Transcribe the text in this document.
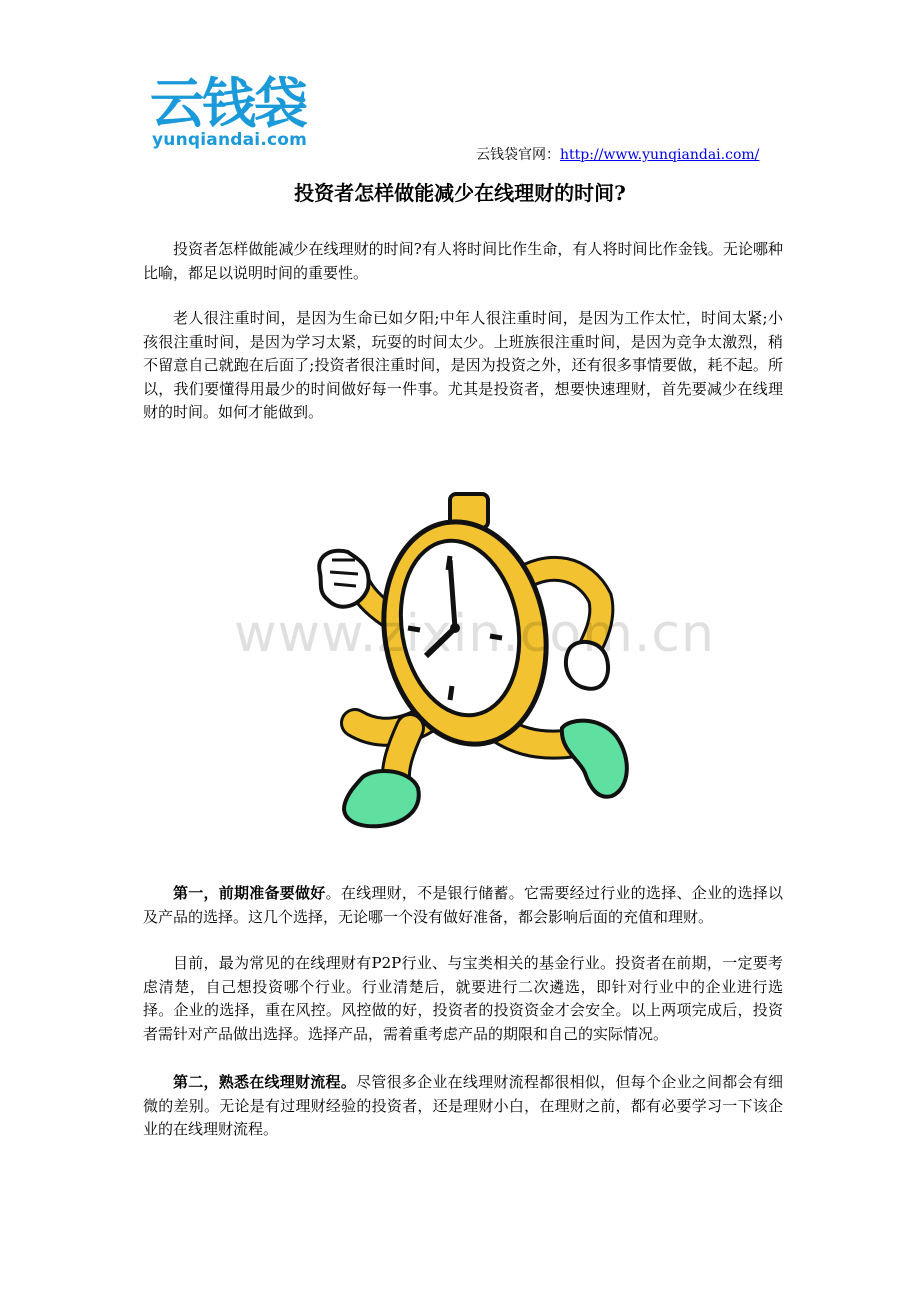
云钱袋
yunqiandai.com
云钱袋官网：http://www.yunqiandai.com/
投资者怎样做能减少在线理财的时间?

投资者怎样做能减少在线理财的时间?有人将时间比作生命，有人将时间比作金钱。无论哪种比喻，都足以说明时间的重要性。

老人很注重时间，是因为生命已如夕阳;中年人很注重时间，是因为工作太忙，时间太紧;小孩很注重时间，是因为学习太紧，玩耍的时间太少。上班族很注重时间，是因为竞争太激烈，稍不留意自己就跑在后面了;投资者很注重时间，是因为投资之外，还有很多事情要做，耗不起。所以，我们要懂得用最少的时间做好每一件事。尤其是投资者，想要快速理财，首先要减少在线理财的时间。如何才能做到。

www.zixin.com.cn

第一，前期准备要做好。在线理财，不是银行储蓄。它需要经过行业的选择、企业的选择以及产品的选择。这几个选择，无论哪一个没有做好准备，都会影响后面的充值和理财。

目前，最为常见的在线理财有P2P行业、与宝类相关的基金行业。投资者在前期，一定要考虑清楚，自己想投资哪个行业。行业清楚后，就要进行二次遴选，即针对行业中的企业进行选择。企业的选择，重在风控。风控做的好，投资者的投资资金才会安全。以上两项完成后，投资者需针对产品做出选择。选择产品，需着重考虑产品的期限和自己的实际情况。

第二，熟悉在线理财流程。尽管很多企业在线理财流程都很相似，但每个企业之间都会有细微的差别。无论是有过理财经验的投资者，还是理财小白，在理财之前，都有必要学习一下该企业的在线理财流程。
